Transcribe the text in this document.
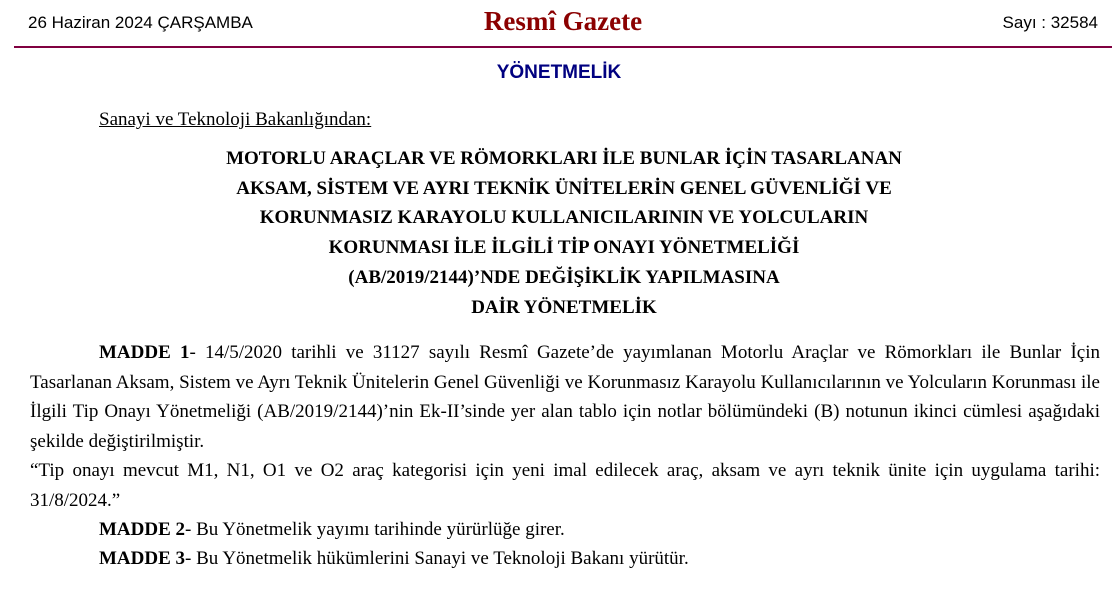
26 Haziran 2024 ÇARŞAMBA	Resmî Gazete	Sayı : 32584
YÖNETMELİK
Sanayi ve Teknoloji Bakanlığından:
MOTORLU ARAÇLAR VE RÖMORKLARI İLE BUNLAR İÇİN TASARLANAN
AKSAM, SİSTEM VE AYRI TEKNİK ÜNİTELERİN GENEL GÜVENLİĞİ VE
KORUNMASIZ KARAYOLU KULLANICILARININ VE YOLCULARIN
KORUNMASI İLE İLGİLİ TİP ONAYI YÖNETMELİĞİ
(AB/2019/2144)’NDE DEĞİŞİKLİK YAPILMASINA
DAİR YÖNETMELİK
MADDE 1- 14/5/2020 tarihli ve 31127 sayılı Resmî Gazete’de yayımlanan Motorlu Araçlar ve Römorkları ile Bunlar İçin Tasarlanan Aksam, Sistem ve Ayrı Teknik Ünitelerin Genel Güvenliği ve Korunmasız Karayolu Kullanıcılarının ve Yolcuların Korunması ile İlgili Tip Onayı Yönetmeliği (AB/2019/2144)’nin Ek-II’sinde yer alan tablo için notlar bölümündeki (B) notunun ikinci cümlesi aşağıdaki şekilde değiştirilmiştir.
“Tip onayı mevcut M1, N1, O1 ve O2 araç kategorisi için yeni imal edilecek araç, aksam ve ayrı teknik ünite için uygulama tarihi: 31/8/2024.”
MADDE 2- Bu Yönetmelik yayımı tarihinde yürürlüğe girer.
MADDE 3- Bu Yönetmelik hükümlerini Sanayi ve Teknoloji Bakanı yürütür.
